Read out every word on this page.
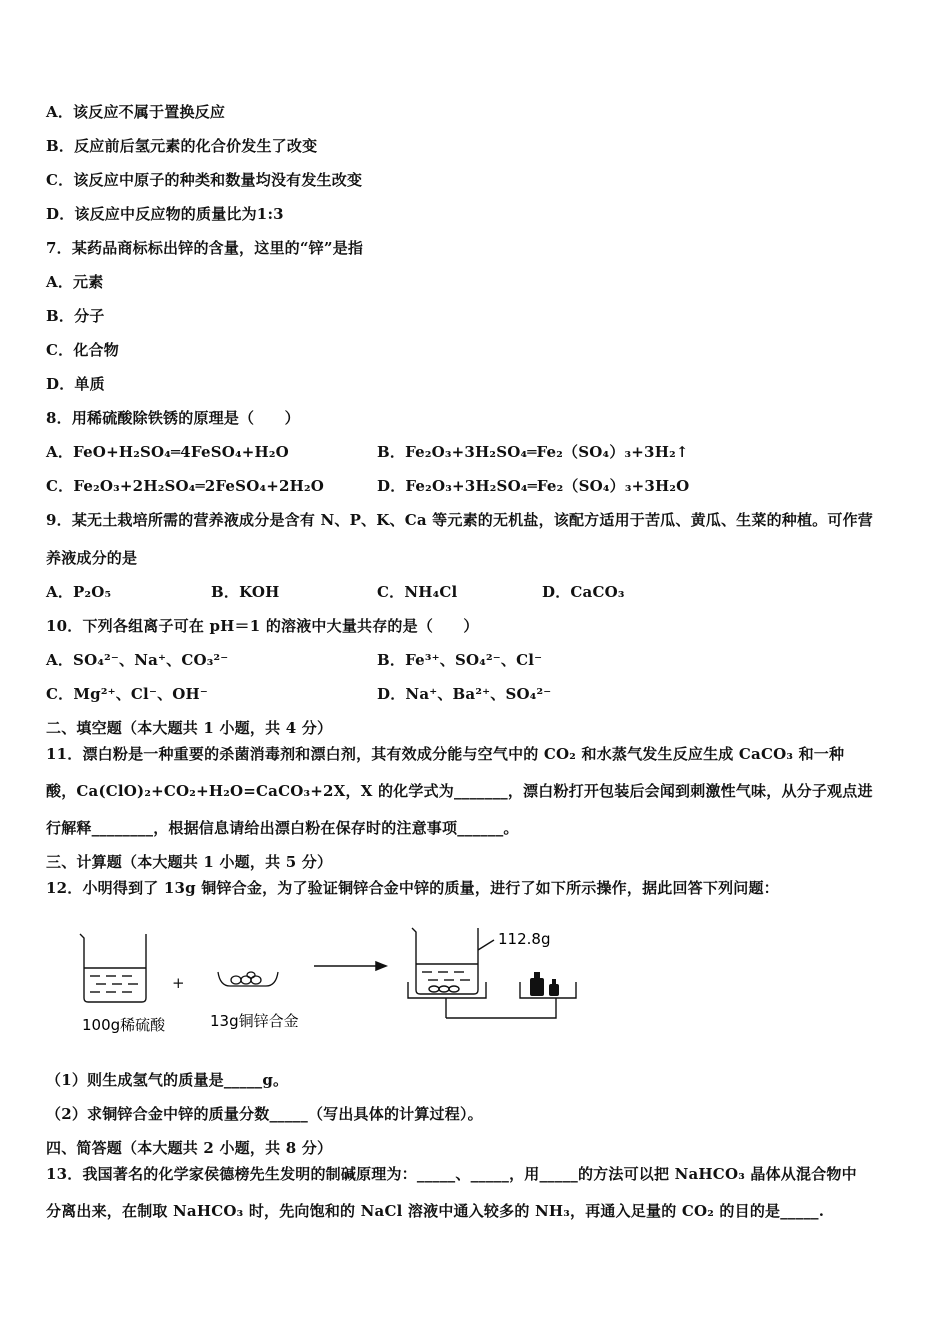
A．该反应不属于置换反应
B．反应前后氢元素的化合价发生了改变
C．该反应中原子的种类和数量均没有发生改变
D．该反应中反应物的质量比为1:3
7．某药品商标标出锌的含量，这里的“锌”是指
A．元素
B．分子
C．化合物
D．单质
8．用稀硫酸除铁锈的原理是（　　）
A．FeO+H₂SO₄═4FeSO₄+H₂O	B．Fe₂O₃+3H₂SO₄═Fe₂（SO₄）₃+3H₂↑
C．Fe₂O₃+2H₂SO₄═2FeSO₄+2H₂O	D．Fe₂O₃+3H₂SO₄═Fe₂（SO₄）₃+3H₂O
9．某无土栽培所需的营养液成分是含有 N、P、K、Ca 等元素的无机盐，该配方适用于苦瓜、黄瓜、生菜的种植。可作营
养液成分的是
A．P₂O₅	B．KOH	C．NH₄Cl	D．CaCO₃
10．下列各组离子可在 pH＝1 的溶液中大量共存的是（　　）
A．SO₄²⁻、Na⁺、CO₃²⁻	B．Fe³⁺、SO₄²⁻、Cl⁻
C．Mg²⁺、Cl⁻、OH⁻	D．Na⁺、Ba²⁺、SO₄²⁻
二、填空题（本大题共 1 小题，共 4 分）
11．漂白粉是一种重要的杀菌消毒剂和漂白剂，其有效成分能与空气中的 CO₂ 和水蒸气发生反应生成 CaCO₃ 和一种
酸，Ca(ClO)₂+CO₂+H₂O=CaCO₃+2X，X 的化学式为_______，漂白粉打开包装后会闻到刺激性气味，从分子观点进
行解释________，根据信息请给出漂白粉在保存时的注意事项______。
三、计算题（本大题共 1 小题，共 5 分）
12．小明得到了 13g 铜锌合金，为了验证铜锌合金中锌的质量，进行了如下所示操作，据此回答下列问题：
100g稀硫酸
+
13g铜锌合金
112.8g
（1）则生成氢气的质量是_____g。
（2）求铜锌合金中锌的质量分数_____（写出具体的计算过程）。
四、简答题（本大题共 2 小题，共 8 分）
13．我国著名的化学家侯德榜先生发明的制碱原理为：_____、_____，用_____的方法可以把 NaHCO₃ 晶体从混合物中
分离出来，在制取 NaHCO₃ 时，先向饱和的 NaCl 溶液中通入较多的 NH₃，再通入足量的 CO₂ 的目的是_____.
